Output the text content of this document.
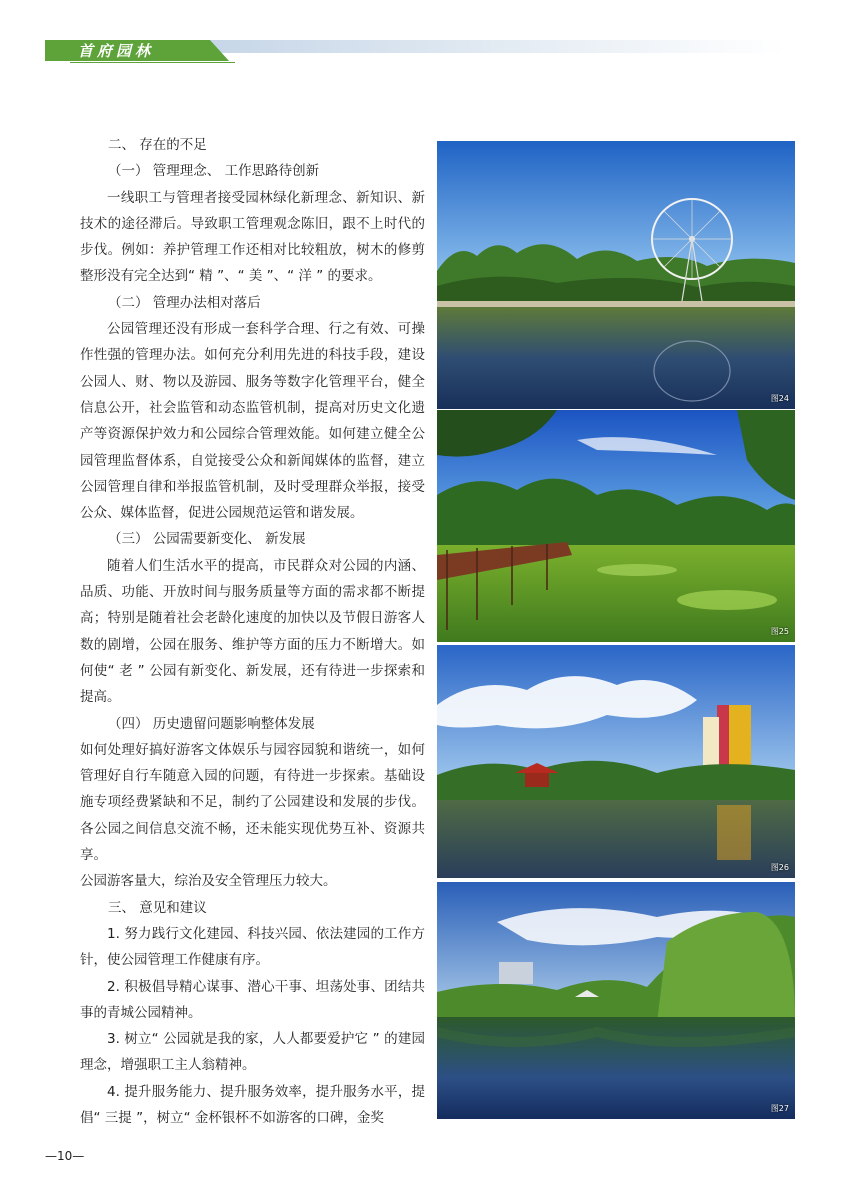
首府园林

二、 存在的不足

（一） 管理理念、 工作思路待创新

一线职工与管理者接受园林绿化新理念、新知识、新技术的途径滞后。导致职工管理观念陈旧，跟不上时代的步伐。例如：养护管理工作还相对比较粗放，树木的修剪整形没有完全达到“ 精 ”、“ 美 ”、“ 洋 ” 的要求。

（二） 管理办法相对落后

公园管理还没有形成一套科学合理、行之有效、可操作性强的管理办法。如何充分利用先进的科技手段，建设公园人、财、物以及游园、服务等数字化管理平台，健全信息公开，社会监管和动态监管机制，提高对历史文化遗产等资源保护效力和公园综合管理效能。如何建立健全公园管理监督体系，自觉接受公众和新闻媒体的监督，建立公园管理自律和举报监管机制，及时受理群众举报，接受公众、媒体监督，促进公园规范运管和谐发展。

（三） 公园需要新变化、 新发展

随着人们生活水平的提高，市民群众对公园的内涵、品质、功能、开放时间与服务质量等方面的需求都不断提高；特别是随着社会老龄化速度的加快以及节假日游客人数的剧增，公园在服务、维护等方面的压力不断增大。如何使“ 老 ” 公园有新变化、新发展，还有待进一步探索和提高。

（四） 历史遗留问题影响整体发展

如何处理好搞好游客文体娱乐与园容园貌和谐统一，如何管理好自行车随意入园的问题，有待进一步探索。基础设施专项经费紧缺和不足，制约了公园建设和发展的步伐。各公园之间信息交流不畅，还未能实现优势互补、资源共享。

公园游客量大，综治及安全管理压力较大。

三、 意见和建议

1. 努力践行文化建园、科技兴园、依法建园的工作方针，使公园管理工作健康有序。

2. 积极倡导精心谋事、潜心干事、坦荡处事、团结共事的青城公园精神。

3. 树立“ 公园就是我的家，人人都要爱护它 ” 的建园理念，增强职工主人翁精神。

4. 提升服务能力、提升服务效率，提升服务水平，提倡“ 三提 ”，树立“ 金杯银杯不如游客的口碑，金奖

图24
图25
图26
图27
—10—
